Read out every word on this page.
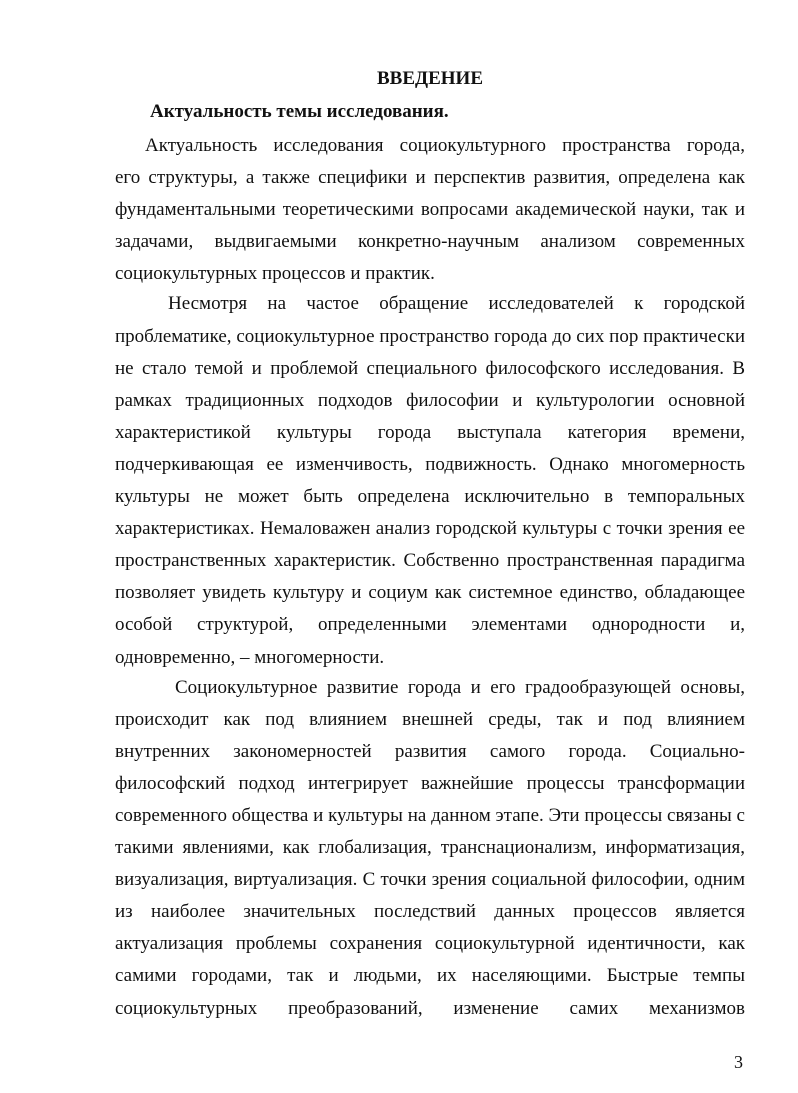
ВВЕДЕНИЕ
Актуальность темы исследования.
Актуальность исследования социокультурного пространства города,
его структуры, а также специфики и перспектив развития, определена как
фундаментальными теоретическими вопросами академической науки, так и
задачами, выдвигаемыми конкретно-научным анализом современных
социокультурных процессов и практик.
Несмотря на частое обращение исследователей к городской
проблематике, социокультурное пространство города до сих пор практически
не стало темой и проблемой специального философского исследования. В
рамках традиционных подходов философии и культурологии основной
характеристикой культуры города выступала категория времени,
подчеркивающая ее изменчивость, подвижность. Однако многомерность
культуры не может быть определена исключительно в темпоральных
характеристиках. Немаловажен анализ городской культуры с точки зрения ее
пространственных характеристик. Собственно пространственная парадигма
позволяет увидеть культуру и социум как системное единство, обладающее
особой структурой, определенными элементами однородности и,
одновременно, – многомерности.
Социокультурное развитие города и его градообразующей основы,
происходит как под влиянием внешней среды, так и под влиянием
внутренних закономерностей развития самого города. Социально-
философский подход интегрирует важнейшие процессы трансформации
современного общества и культуры на данном этапе. Эти процессы связаны с
такими явлениями, как глобализация, транснационализм, информатизация,
визуализация, виртуализация. С точки зрения социальной философии, одним
из наиболее значительных последствий данных процессов является
актуализация проблемы сохранения социокультурной идентичности, как
самими городами, так и людьми, их населяющими. Быстрые темпы
социокультурных преобразований, изменение самих механизмов
3
